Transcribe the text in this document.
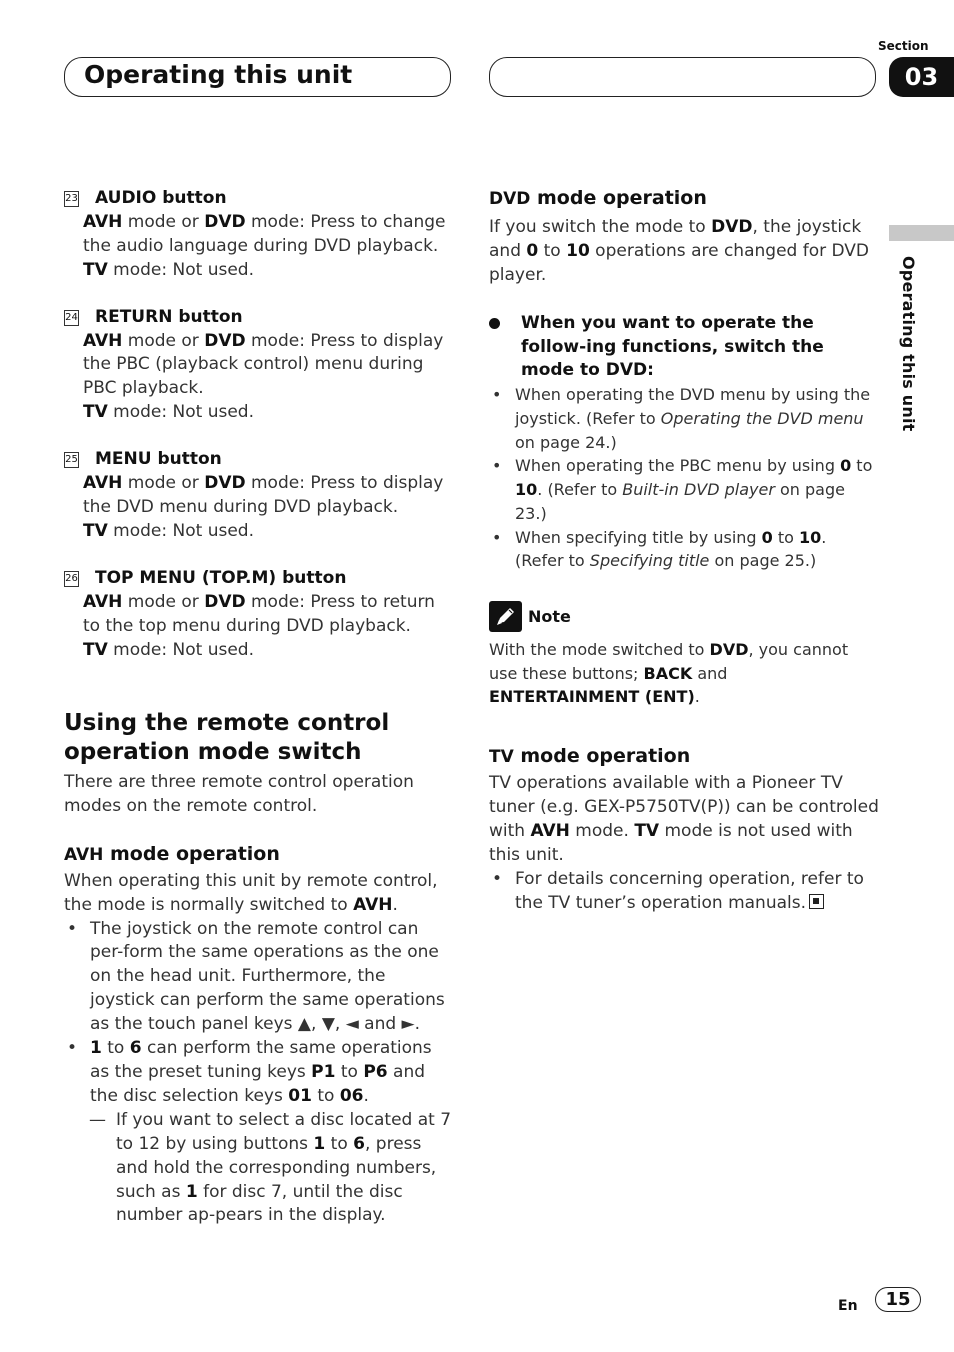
Operating this unit
Section
03
Operating this unit
23 AUDIO button

AVH mode or DVD mode: Press to change the audio language during DVD playback.

TV mode: Not used.

24 RETURN button

AVH mode or DVD mode: Press to display the PBC (playback control) menu during PBC playback.

TV mode: Not used.

25 MENU button

AVH mode or DVD mode: Press to display the DVD menu during DVD playback.

TV mode: Not used.

26 TOP MENU (TOP.M) button

AVH mode or DVD mode: Press to return to the top menu during DVD playback.

TV mode: Not used.

Using the remote control operation mode switch

There are three remote control operation modes on the remote control.

AVH mode operation

When operating this unit by remote control, the mode is normally switched to AVH.

• The joystick on the remote control can per-form the same operations as the one on the head unit. Furthermore, the joystick can perform the same operations as the touch panel keys ▲, ▼, ◄ and ►.
• 1 to 6 can perform the same operations as the preset tuning keys P1 to P6 and the disc selection keys 01 to 06.
— If you want to select a disc located at 7 to 12 by using buttons 1 to 6, press and hold the corresponding numbers, such as 1 for disc 7, until the disc number ap-pears in the display.
DVD mode operation

If you switch the mode to DVD, the joystick and 0 to 10 operations are changed for DVD player.

When you want to operate the follow-ing functions, switch the mode to DVD:
• When operating the DVD menu by using the joystick. (Refer to Operating the DVD menu on page 24.)
• When operating the PBC menu by using 0 to 10. (Refer to Built-in DVD player on page 23.)
• When specifying title by using 0 to 10. (Refer to Specifying title on page 25.)
Note

With the mode switched to DVD, you cannot use these buttons; BACK and
ENTERTAINMENT (ENT).

TV mode operation

TV operations available with a Pioneer TV tuner (e.g. GEX-P5750TV(P)) can be controled with AVH mode. TV mode is not used with this unit.

• For details concerning operation, refer to the TV tuner’s operation manuals.
En	15
